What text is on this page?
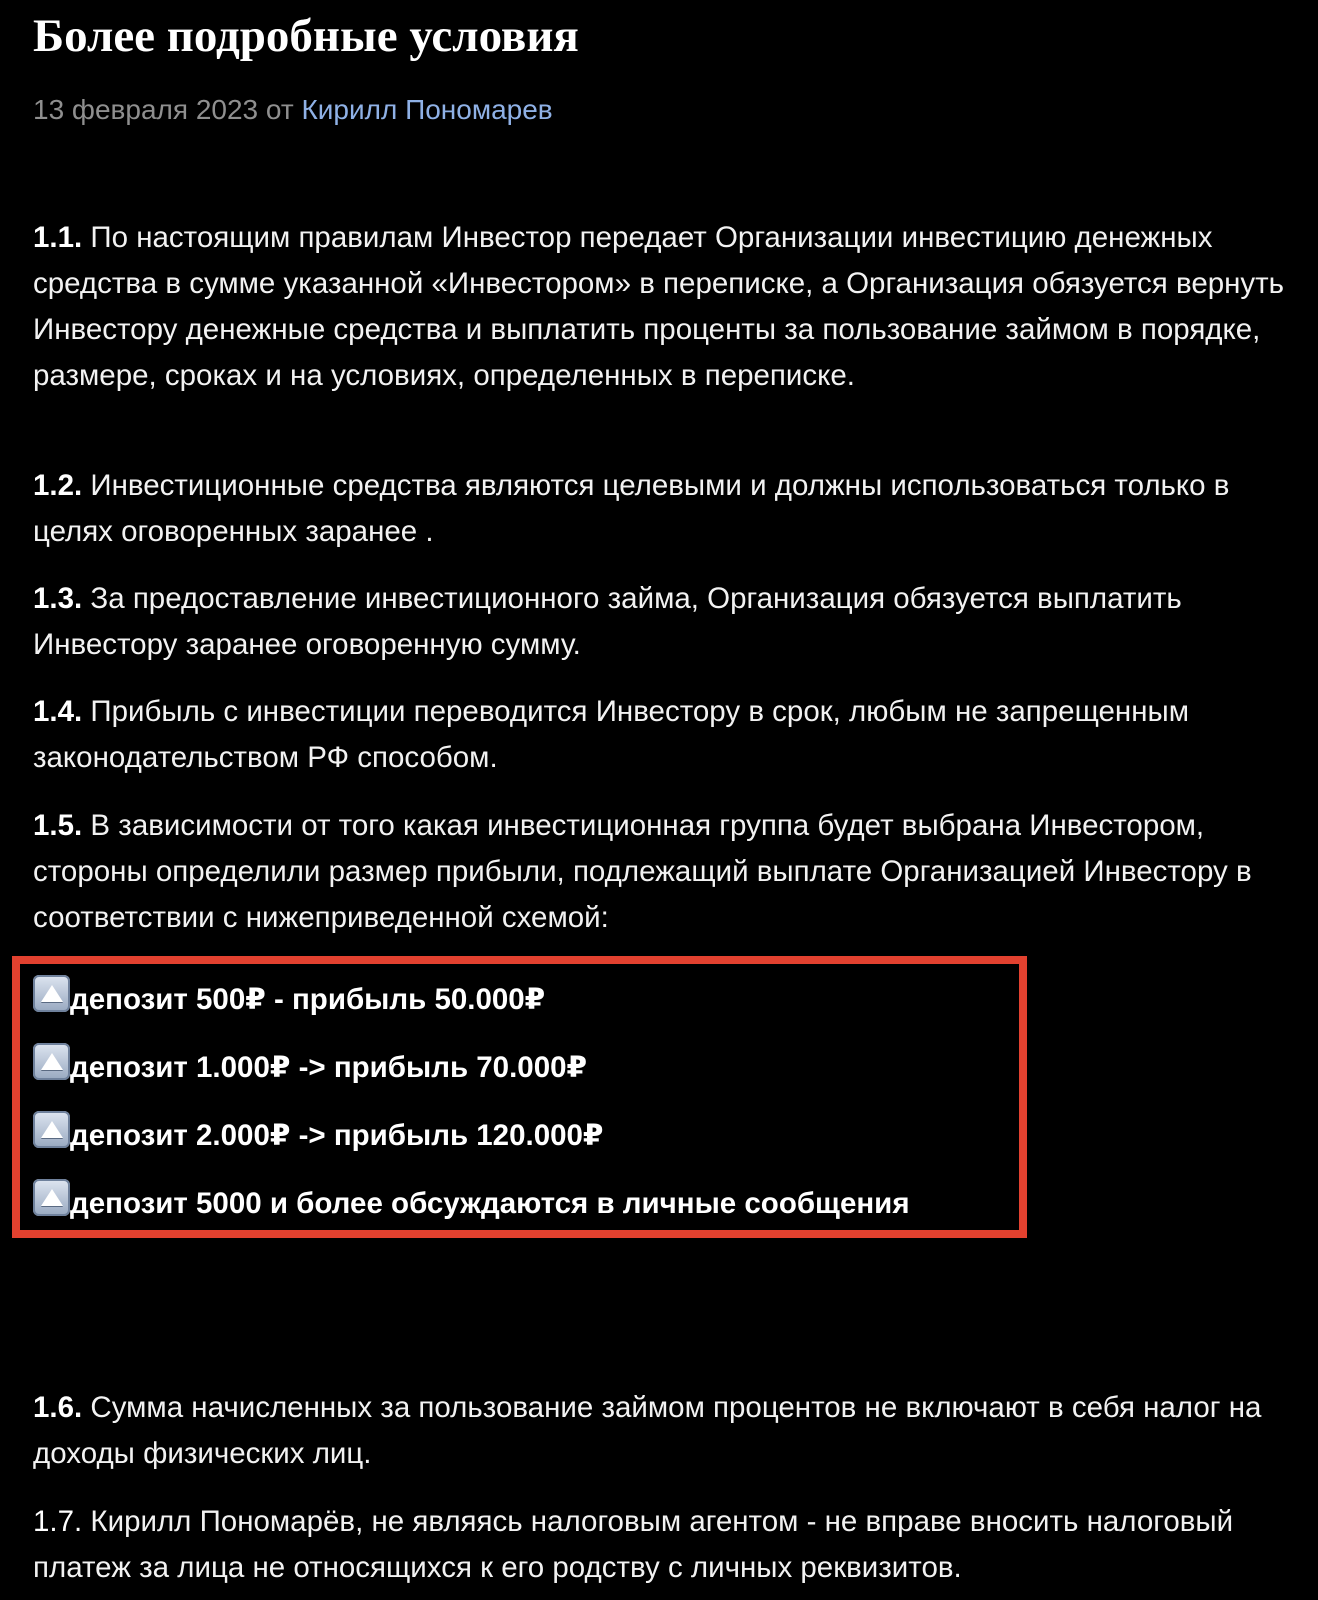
Более подробные условия
13 февраля 2023 от Кирилл Пономарев

1.1. По настоящим правилам Инвестор передает Организации инвестицию денежных средства в сумме указанной «Инвестором» в переписке, а Организация обязуется вернуть Инвестору денежные средства и выплатить проценты за пользование займом в порядке, размере, сроках и на условиях, определенных в переписке.

1.2. Инвестиционные средства являются целевыми и должны использоваться только в целях оговоренных заранее .

1.3. За предоставление инвестиционного займа, Организация обязуется выплатить Инвестору заранее оговоренную сумму.

1.4. Прибыль с инвестиции переводится Инвестору в срок, любым не запрещенным законодательством РФ способом.

1.5. В зависимости от того какая инвестиционная группа будет выбрана Инвестором, стороны определили размер прибыли, подлежащий выплате Организацией Инвестору в соответствии с нижеприведенной схемой:

1.6. Сумма начисленных за пользование займом процентов не включают в себя налог на доходы физических лиц.

1.7. Кирилл Пономарёв, не являясь налоговым агентом - не вправе вносить налоговый платеж за лица не относящихся к его родству с личных реквизитов.

депозит 500₽ - прибыль 50.000₽
депозит 1.000₽ -> прибыль 70.000₽
депозит 2.000₽ -> прибыль 120.000₽
депозит 5000 и более обсуждаются в личные сообщения
